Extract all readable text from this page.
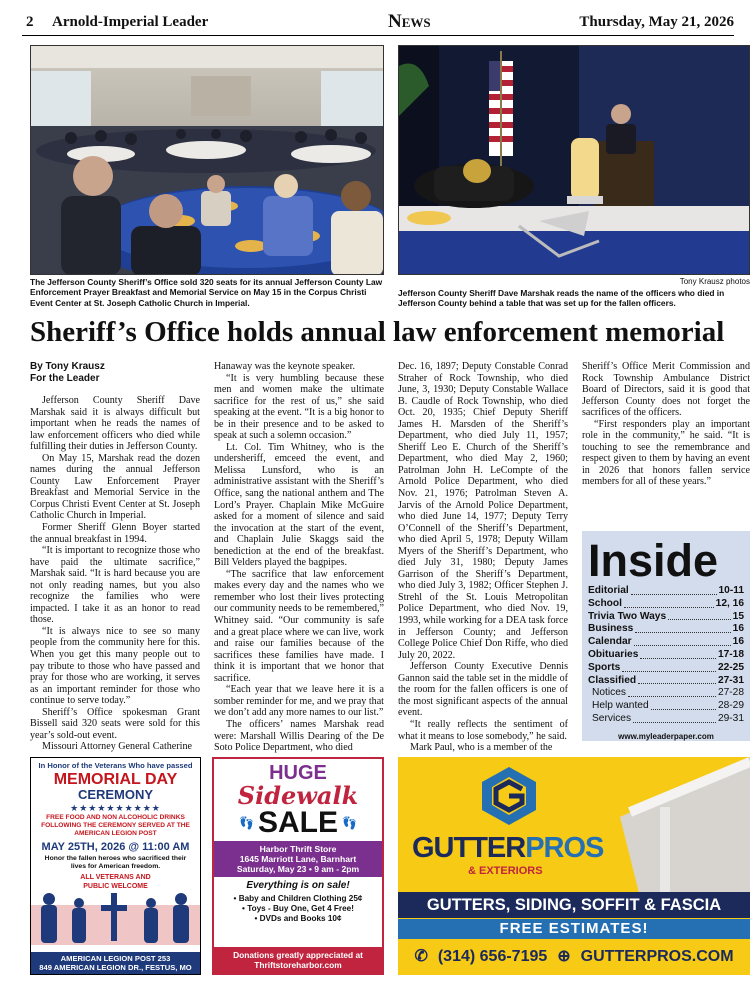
2 Arnold-Imperial Leader	News	Thursday, May 21, 2026
The Jefferson County Sheriff’s Office sold 320 seats for its annual Jefferson County Law Enforcement Prayer Breakfast and Memorial Service on May 15 in the Corpus Christi Event Center at St. Joseph Catholic Church in Imperial.
Tony Krausz photos
Jefferson County Sheriff Dave Marshak reads the name of the officers who died in Jefferson County behind a table that was set up for the fallen officers.
Sheriff’s Office holds annual law enforcement memorial

By Tony Krausz
For the Leader

Jefferson County Sheriff Dave Marshak said it is always difficult but important when he reads the names of law enforcement officers who died while fulfilling their duties in Jefferson County.

On May 15, Marshak read the dozen names during the annual Jefferson County Law Enforcement Prayer Breakfast and Memorial Service in the Corpus Christi Event Center at St. Joseph Catholic Church in Imperial.

Former Sheriff Glenn Boyer started the annual breakfast in 1994.

“It is important to recognize those who have paid the ultimate sacrifice,” Marshak said. “It is hard because you are not only reading names, but you also recognize the families who were impacted. I take it as an honor to read those.

“It is always nice to see so many people from the community here for this. When you get this many people out to pay tribute to those who have passed and pray for those who are working, it serves as an important reminder for those who continue to serve today.”

Sheriff’s Office spokesman Grant Bissell said 320 seats were sold for this year’s sold-out event.

Missouri Attorney General Catherine

Hanaway was the keynote speaker.

“It is very humbling because these men and women make the ultimate sacrifice for the rest of us,” she said speaking at the event. “It is a big honor to be in their presence and to be asked to speak at such a solemn occasion.”

Lt. Col. Tim Whitney, who is the undersheriff, emceed the event, and Melissa Lunsford, who is an administrative assistant with the Sheriff’s Office, sang the national anthem and The Lord’s Prayer. Chaplain Mike McGuire asked for a moment of silence and said the invocation at the start of the event, and Chaplain Julie Skaggs said the benediction at the end of the breakfast. Bill Velders played the bagpipes.

“The sacrifice that law enforcement makes every day and the names who we remember who lost their lives protecting our community needs to be remembered,” Whitney said. “Our community is safe and a great place where we can live, work and raise our families because of the sacrifices these families have made. I think it is important that we honor that sacrifice.

“Each year that we leave here it is a somber reminder for me, and we pray that we don’t add any more names to our list.”

The officers’ names Marshak read were: Marshall Willis Dearing of the De Soto Police Department, who died

Dec. 16, 1897; Deputy Constable Conrad Straher of Rock Township, who died June, 3, 1930; Deputy Constable Wallace B. Caudle of Rock Township, who died Oct. 20, 1935; Chief Deputy Sheriff James H. Marsden of the Sheriff’s Department, who died July 11, 1957; Sheriff Leo E. Church of the Sheriff’s Department, who died May 2, 1960; Patrolman John H. LeCompte of the Arnold Police Department, who died Nov. 21, 1976; Patrolman Steven A. Jarvis of the Arnold Police Department, who died June 14, 1977; Deputy Terry O’Connell of the Sheriff’s Department, who died April 5, 1978; Deputy Willam Myers of the Sheriff’s Department, who died July 31, 1980; Deputy James Garrison of the Sheriff’s Department, who died July 3, 1982; Officer Stephen J. Strehl of the St. Louis Metropolitan Police Department, who died Nov. 19, 1993, while working for a DEA task force in Jefferson County; and Jefferson College Police Chief Don Riffe, who died July 20, 2022.

Jefferson County Executive Dennis Gannon said the table set in the middle of the room for the fallen officers is one of the most significant aspects of the annual event.

“It really reflects the sentiment of what it means to lose somebody,” he said.

Mark Paul, who is a member of the

Sheriff’s Office Merit Commission and Rock Township Ambulance District Board of Directors, said it is good that Jefferson County does not forget the sacrifices of the officers.

“First responders play an important role in the community,” he said. “It is touching to see the remembrance and respect given to them by having an event in 2026 that honors fallen service members for all of these years.”

Inside
Editorial	10-11
School	12, 16
Trivia Two Ways	15
Business	16
Calendar	16
Obituaries	17-18
Sports	22-25
Classified	27-31
Notices	27-28
Help wanted	28-29
Services	29-31
www.myleaderpaper.com
In Honor of the Veterans Who have passed
MEMORIAL DAY
CEREMONY
★★★★★★★★★★
FREE FOOD AND NON ALCOHOLIC DRINKS FOLLOWING THE CEREMONY SERVED AT THE AMERICAN LEGION POST
MAY 25TH, 2026 @ 11:00 AM
Honor the fallen heroes who sacrificed their lives for American freedom.
ALL VETERANS AND PUBLIC WELCOME
AMERICAN LEGION POST 253
849 AMERICAN LEGION DR., FESTUS, MO
HUGE
Sidewalk
👣 SALE 👣
Harbor Thrift Store
1645 Marriott Lane, Barnhart
Saturday, May 23 • 9 am - 2pm
Everything is on sale!
• Baby and Children Clothing 25¢
• Toys - Buy One, Get 4 Free!
• DVDs and Books 10¢
Donations greatly appreciated at
Thriftstoreharbor.com
GUTTERPROS
& EXTERIORS
GUTTERS, SIDING, SOFFIT & FASCIA
FREE ESTIMATES!
✆ (314) 656-7195 ⊕ GUTTERPROS.COM
